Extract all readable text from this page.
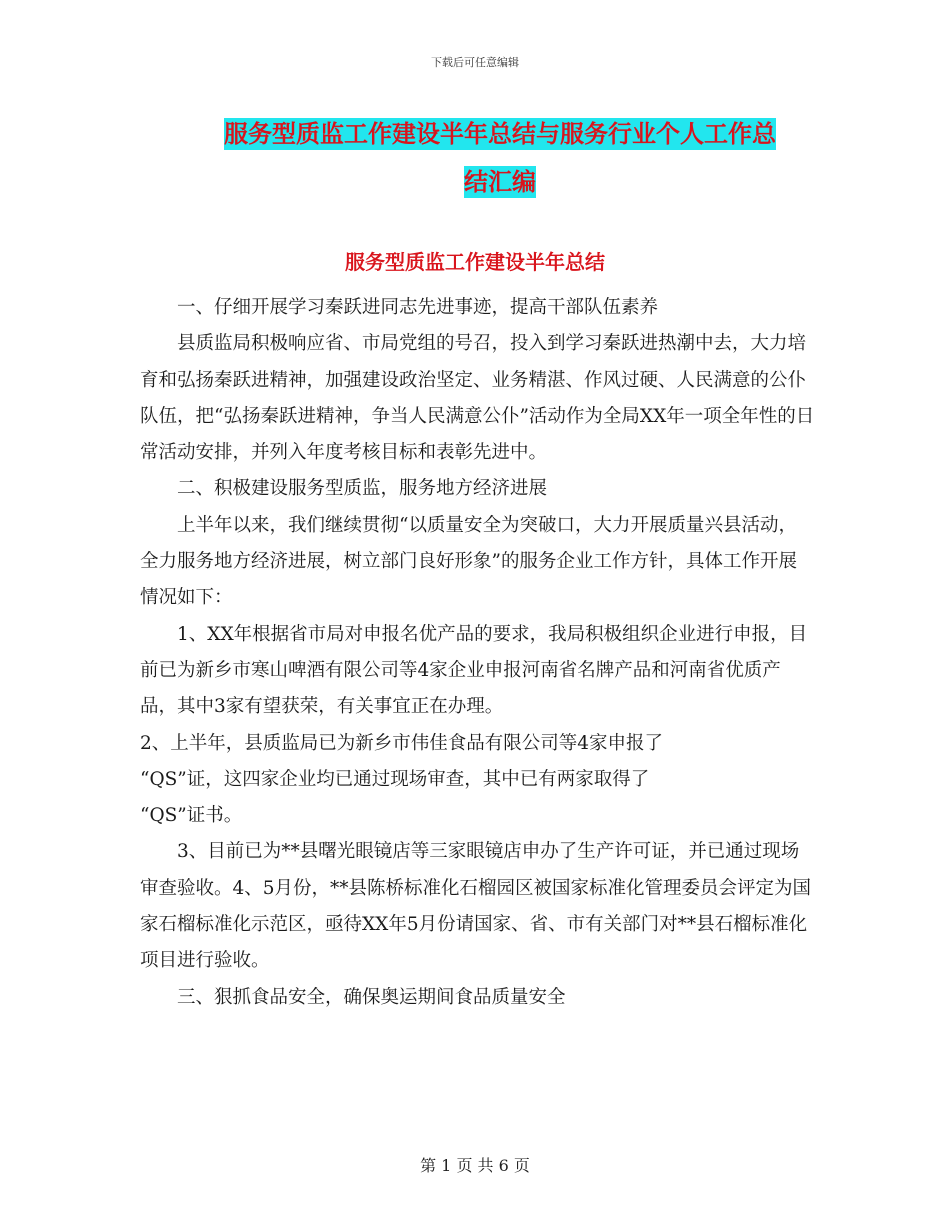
下载后可任意编辑
服务型质监工作建设半年总结与服务行业个人工作总
结汇编
服务型质监工作建设半年总结

一、仔细开展学习秦跃进同志先进事迹，提高干部队伍素养

县质监局积极响应省、市局党组的号召，投入到学习秦跃进热潮中去，大力培育和弘扬秦跃进精神，加强建设政治坚定、业务精湛、作风过硬、人民满意的公仆队伍，把“弘扬秦跃进精神，争当人民满意公仆”活动作为全局XX年一项全年性的日常活动安排，并列入年度考核目标和表彰先进中。

二、积极建设服务型质监，服务地方经济进展

上半年以来，我们继续贯彻“以质量安全为突破口，大力开展质量兴县活动，全力服务地方经济进展，树立部门良好形象”的服务企业工作方针，具体工作开展情况如下：

1、XX年根据省市局对申报名优产品的要求，我局积极组织企业进行申报，目前已为新乡市寒山啤酒有限公司等4家企业申报河南省名牌产品和河南省优质产品，其中3家有望获荣，有关事宜正在办理。

2、上半年，县质监局已为新乡市伟佳食品有限公司等4家申报了

“QS”证，这四家企业均已通过现场审查，其中已有两家取得了

“QS”证书。

3、目前已为**县曙光眼镜店等三家眼镜店申办了生产许可证，并已通过现场审查验收。4、5月份，**县陈桥标准化石榴园区被国家标准化管理委员会评定为国家石榴标准化示范区，亟待XX年5月份请国家、省、市有关部门对**县石榴标准化项目进行验收。

三、狠抓食品安全，确保奥运期间食品质量安全

第 1 页 共 6 页
